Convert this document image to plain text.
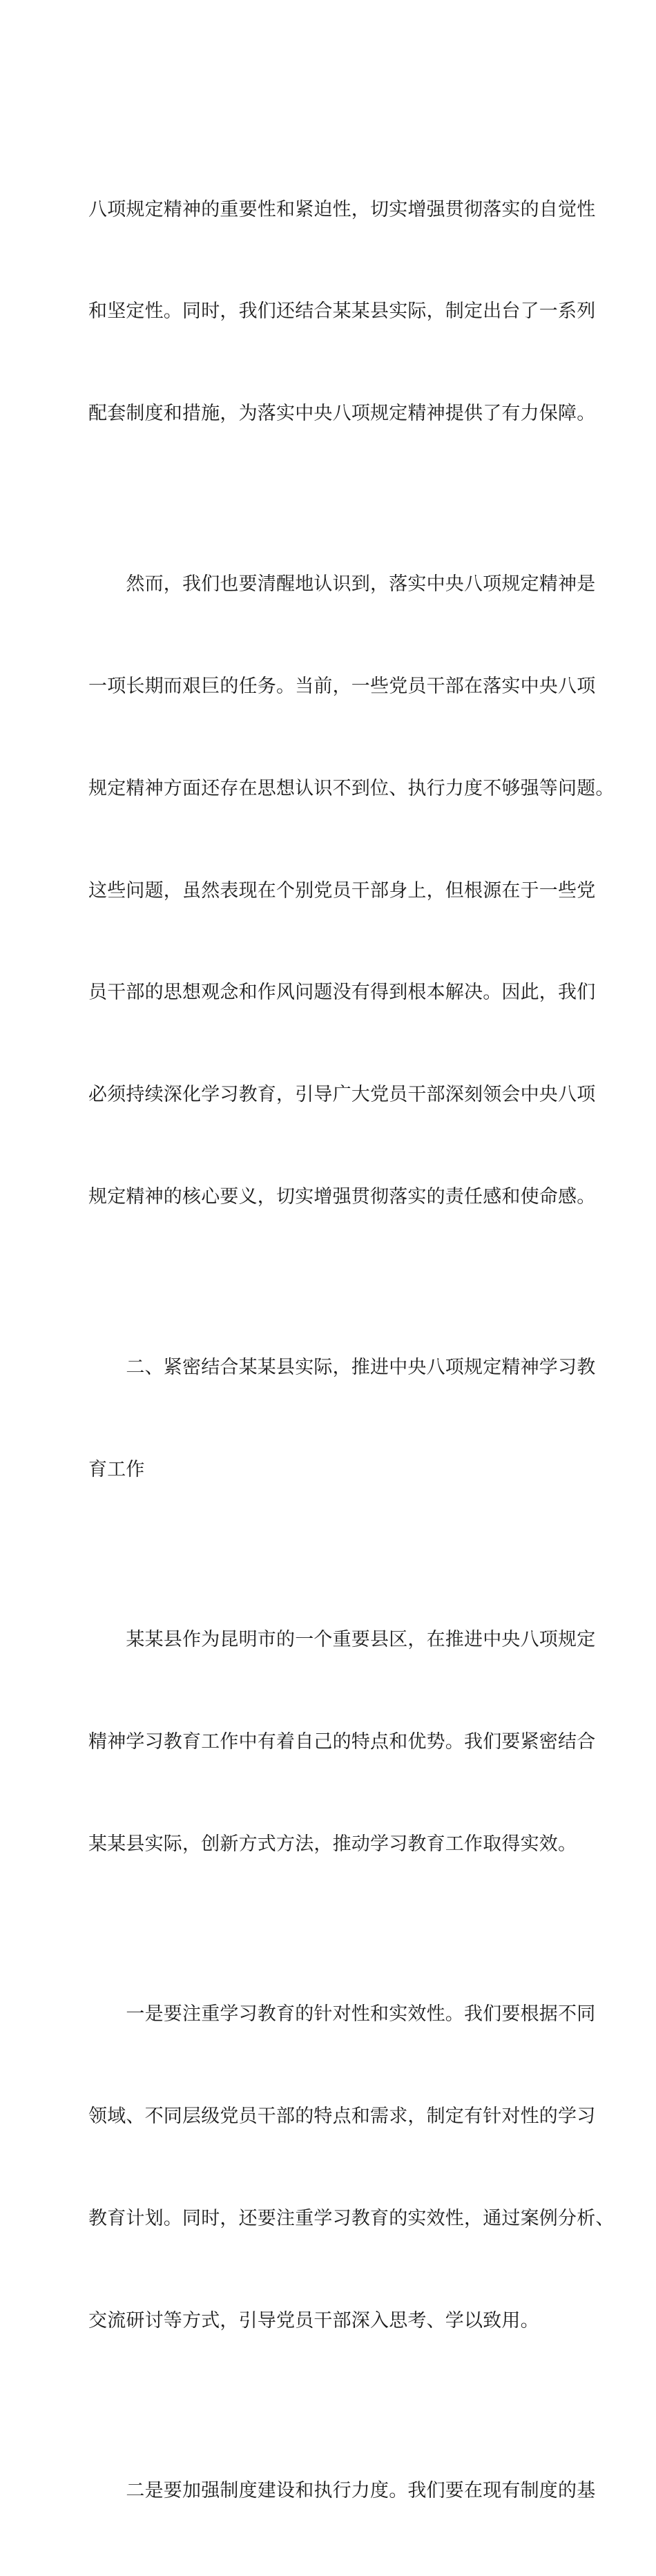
八项规定精神的重要性和紧迫性，切实增强贯彻落实的自觉性

和坚定性。同时，我们还结合某某县实际，制定出台了一系列

配套制度和措施，为落实中央八项规定精神提供了有力保障。

　　然而，我们也要清醒地认识到，落实中央八项规定精神是

一项长期而艰巨的任务。当前，一些党员干部在落实中央八项

规定精神方面还存在思想认识不到位、执行力度不够强等问题。

这些问题，虽然表现在个别党员干部身上，但根源在于一些党

员干部的思想观念和作风问题没有得到根本解决。因此，我们

必须持续深化学习教育，引导广大党员干部深刻领会中央八项

规定精神的核心要义，切实增强贯彻落实的责任感和使命感。

　　二、紧密结合某某县实际，推进中央八项规定精神学习教

育工作

　　某某县作为昆明市的一个重要县区，在推进中央八项规定

精神学习教育工作中有着自己的特点和优势。我们要紧密结合

某某县实际，创新方式方法，推动学习教育工作取得实效。

　　一是要注重学习教育的针对性和实效性。我们要根据不同

领域、不同层级党员干部的特点和需求，制定有针对性的学习

教育计划。同时，还要注重学习教育的实效性，通过案例分析、

交流研讨等方式，引导党员干部深入思考、学以致用。

　　二是要加强制度建设和执行力度。我们要在现有制度的基
